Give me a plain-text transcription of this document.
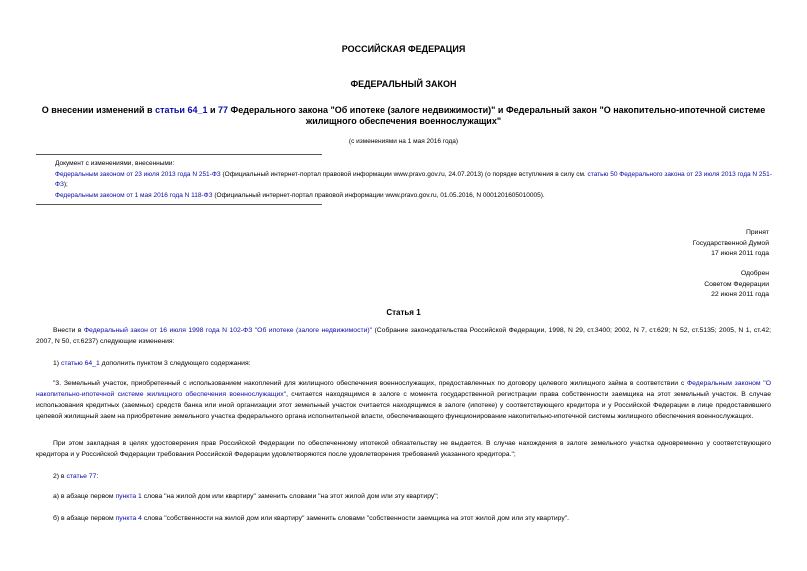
РОССИЙСКАЯ ФЕДЕРАЦИЯ
ФЕДЕРАЛЬНЫЙ ЗАКОН
О внесении изменений в статьи 64_1 и 77 Федерального закона "Об ипотеке (залоге недвижимости)" и Федеральный закон "О накопительно-ипотечной системе жилищного обеспечения военнослужащих"
(с изменениями на 1 мая 2016 года)
Документ с изменениями, внесенными:
Федеральным законом от 23 июля 2013 года N 251-ФЗ (Официальный интернет-портал правовой информации www.pravo.gov.ru, 24.07.2013) (о порядке вступления в силу см. статью 50 Федерального закона от 23 июля 2013 года N 251-ФЗ);
Федеральным законом от 1 мая 2016 года N 118-ФЗ (Официальный интернет-портал правовой информации www.pravo.gov.ru, 01.05.2016, N 0001201605010005).
Принят
Государственной Думой
17 июня 2011 года
Одобрен
Советом Федерации
22 июня 2011 года
Статья 1
Внести в Федеральный закон от 16 июля 1998 года N 102-ФЗ "Об ипотеке (залоге недвижимости)" (Собрание законодательства Российской Федерации, 1998, N 29, ст.3400; 2002, N 7, ст.629; N 52, ст.5135; 2005, N 1, ст.42; 2007, N 50, ст.6237) следующие изменения:
1) статью 64_1 дополнить пунктом 3 следующего содержания:
"3. Земельный участок, приобретенный с использованием накоплений для жилищного обеспечения военнослужащих, предоставленных по договору целевого жилищного займа в соответствии с Федеральным законом "О накопительно-ипотечной системе жилищного обеспечения военнослужащих", считается находящимся в залоге с момента государственной регистрации права собственности заемщика на этот земельный участок. В случае использования кредитных (заемных) средств банка или иной организации этот земельный участок считается находящимся в залоге (ипотеке) у соответствующего кредитора и у Российской Федерации в лице предоставившего целевой жилищный заем на приобретение земельного участка федерального органа исполнительной власти, обеспечивающего функционирование накопительно-ипотечной системы жилищного обеспечения военнослужащих.
При этом закладная в целях удостоверения прав Российской Федерации по обеспеченному ипотекой обязательству не выдается. В случае нахождения в залоге земельного участка одновременно у соответствующего кредитора и у Российской Федерации требования Российской Федерации удовлетворяются после удовлетворения требований указанного кредитора.";
2) в статье 77:
а) в абзаце первом пункта 1 слова "на жилой дом или квартиру" заменить словами "на этот жилой дом или эту квартиру";
б) в абзаце первом пункта 4 слова "собственности на жилой дом или квартиру" заменить словами "собственности заемщика на этот жилой дом или эту квартиру".
